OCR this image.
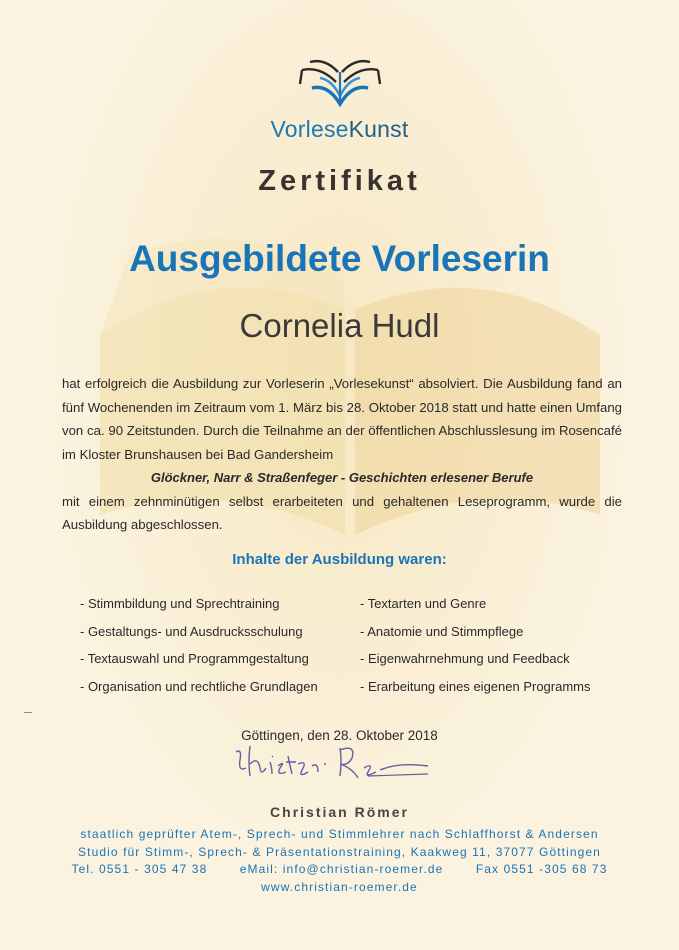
VorleseKunst
Zertifikat
Ausgebildete Vorleserin
Cornelia Hudl

hat erfolgreich die Ausbildung zur Vorleserin „Vorlesekunst“ absolviert. Die Ausbildung fand an fünf Wochenenden im Zeitraum vom 1. März bis 28. Oktober 2018 statt und hatte einen Umfang von ca. 90 Zeitstunden. Durch die Teilnahme an der öffentlichen Abschlusslesung im Rosencafé im Kloster Brunshausen bei Bad Gandersheim

Glöckner, Narr & Straßenfeger - Geschichten erlesener Berufe

mit einem zehnminütigen selbst erarbeiteten und gehaltenen Leseprogramm, wurde die Ausbildung abgeschlossen.

Inhalte der Ausbildung waren:
- Stimmbildung und Sprechtraining
- Gestaltungs- und Ausdrucksschulung
- Textauswahl und Programmgestaltung
- Organisation und rechtliche Grundlagen
- Textarten und Genre
- Anatomie und Stimmpflege
- Eigenwahrnehmung und Feedback
- Erarbeitung eines eigenen Programms
Göttingen, den 28. Oktober 2018
Christian Römer
staatlich geprüfter Atem-, Sprech- und Stimmlehrer nach Schlaffhorst & Andersen
Studio für Stimm-, Sprech- & Präsentationstraining, Kaakweg 11, 37077 Göttingen
Tel. 0551 - 305 47 38	eMail: info@christian-roemer.de	Fax 0551 -305 68 73
www.christian-roemer.de
